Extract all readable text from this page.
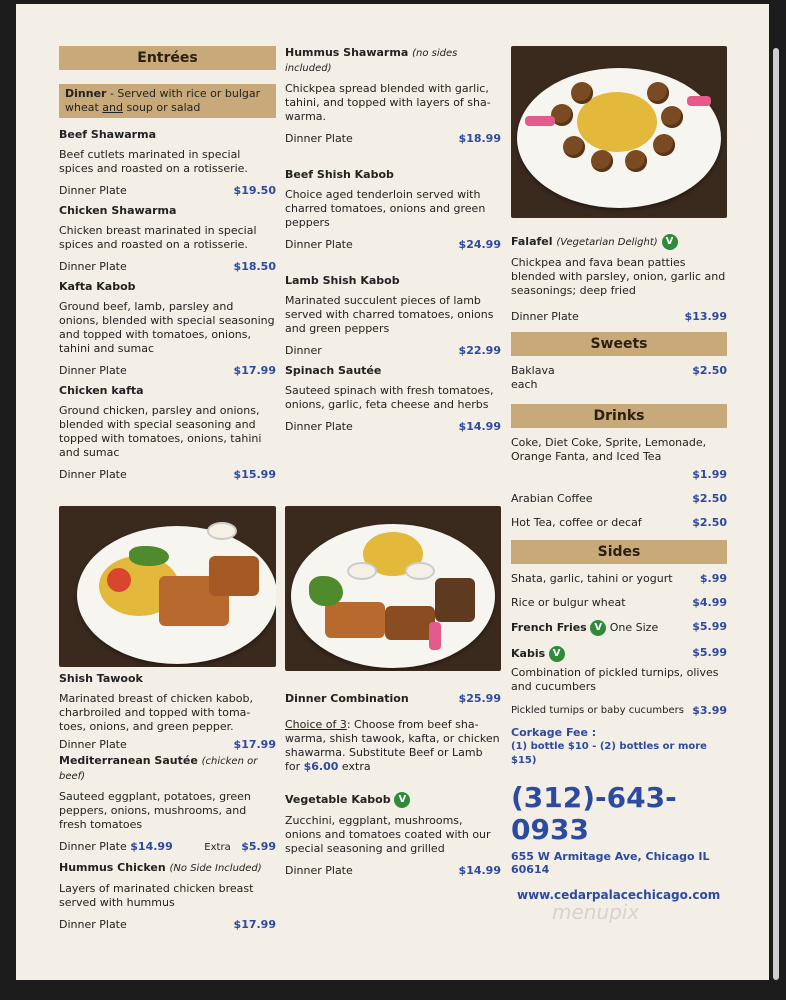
Entrées
Dinner - Served with rice or bulgar wheat and soup or salad
Beef Shawarma
Beef cutlets marinated in special spices and roasted on a rotisserie.
Dinner Plate	$19.50
Chicken Shawarma
Chicken breast marinated in special spices and roasted on a rotisserie.
Dinner Plate	$18.50
Kafta Kabob
Ground beef, lamb, parsley and onions, blended with special seasoning and topped with tomatoes, onions, tahini and sumac
Dinner Plate	$17.99
Chicken kafta
Ground chicken, parsley and onions, blended with special seasoning and topped with tomatoes, onions, tahini and sumac
Dinner Plate	$15.99
Shish Tawook
Marinated breast of chicken kabob, charbroiled and topped with toma-toes, onions, and green pepper.
Dinner Plate	$17.99
Mediterranean Sautée (chicken or beef)
Sauteed eggplant, potatoes, green peppers, onions, mushrooms, and fresh tomatoes
Dinner Plate $14.99	Extra $5.99
Hummus Chicken (No Side Included)
Layers of marinated chicken breast served with hummus
Dinner Plate	$17.99
Hummus Shawarma (no sides included)
Chickpea spread blended with garlic, tahini, and topped with layers of sha-warma.
Dinner Plate	$18.99
Beef Shish Kabob
Choice aged tenderloin served with charred tomatoes, onions and green peppers
Dinner Plate	$24.99
Lamb Shish Kabob
Marinated succulent pieces of lamb served with charred tomatoes, onions and green peppers
Dinner	$22.99
Spinach Sautée
Sauteed spinach with fresh tomatoes, onions, garlic, feta cheese and herbs
Dinner Plate	$14.99
Dinner Combination	$25.99
Choice of 3: Choose from beef sha-warma, shish tawook, kafta, or chicken shawarma. Substitute Beef or Lamb for $6.00 extra
Vegetable Kabob V
Zucchini, eggplant, mushrooms, onions and tomatoes coated with our special seasoning and grilled
Dinner Plate	$14.99
Falafel (Vegetarian Delight) V
Chickpea and fava bean patties blended with parsley, onion, garlic and seasonings; deep fried
Dinner Plate	$13.99
Sweets
Baklava	$2.50
each
Drinks
Coke, Diet Coke, Sprite, Lemonade, Orange Fanta, and Iced Tea
$1.99
Arabian Coffee	$2.50
Hot Tea, coffee or decaf	$2.50
Sides
Shata, garlic, tahini or yogurt $.99
Rice or bulgur wheat	$4.99
French Fries V One Size	$5.99
Kabis V	$5.99
Combination of pickled turnips, olives and cucumbers
Pickled turnips or baby cucumbers $3.99
Corkage Fee :
(1) bottle $10 - (2) bottles or more $15)
(312)-643-0933
655 W Armitage Ave, Chicago IL 60614
www.cedarpalacechicago.com
menupix
